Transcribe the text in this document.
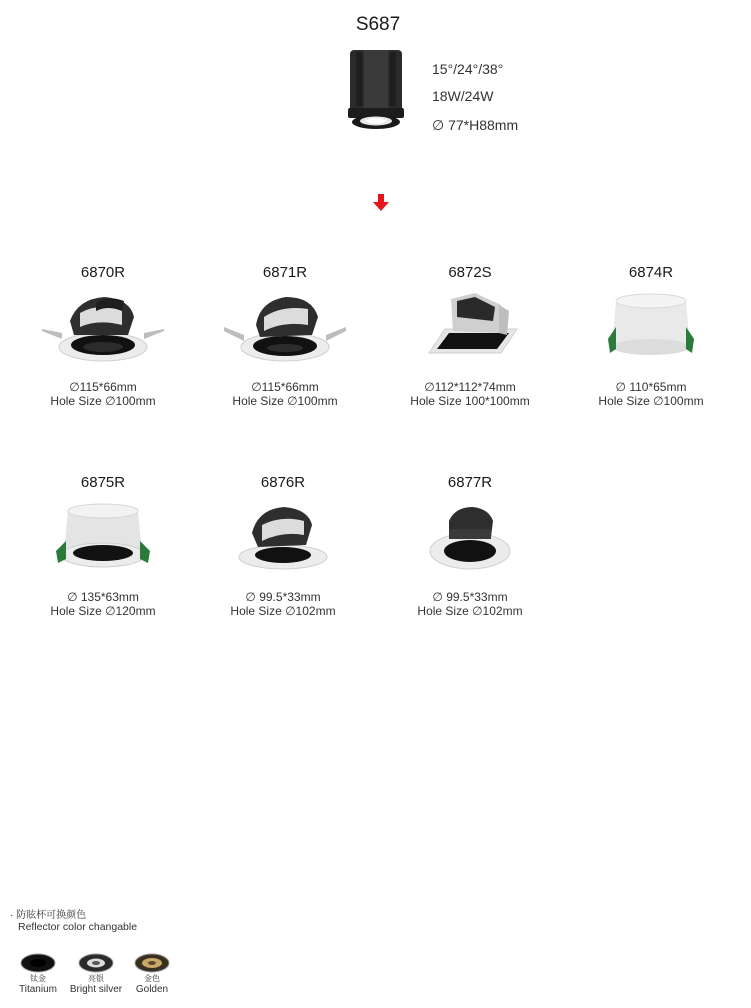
S687
15°/24°/38°
18W/24W
∅ 77*H88mm
6870R
∅115*66mm
Hole Size ∅100mm
6871R
∅115*66mm
Hole Size ∅100mm
6872S
∅112*112*74mm
Hole Size 100*100mm
6874R
∅ 110*65mm
Hole Size ∅100mm
6875R
∅ 135*63mm
Hole Size ∅120mm
6876R
∅ 99.5*33mm
Hole Size ∅102mm
6877R
∅ 99.5*33mm
Hole Size ∅102mm
· 防眩杯可换颜色
Reflector color changable
钛金
Titanium
亮银
Bright silver
金色
Golden
